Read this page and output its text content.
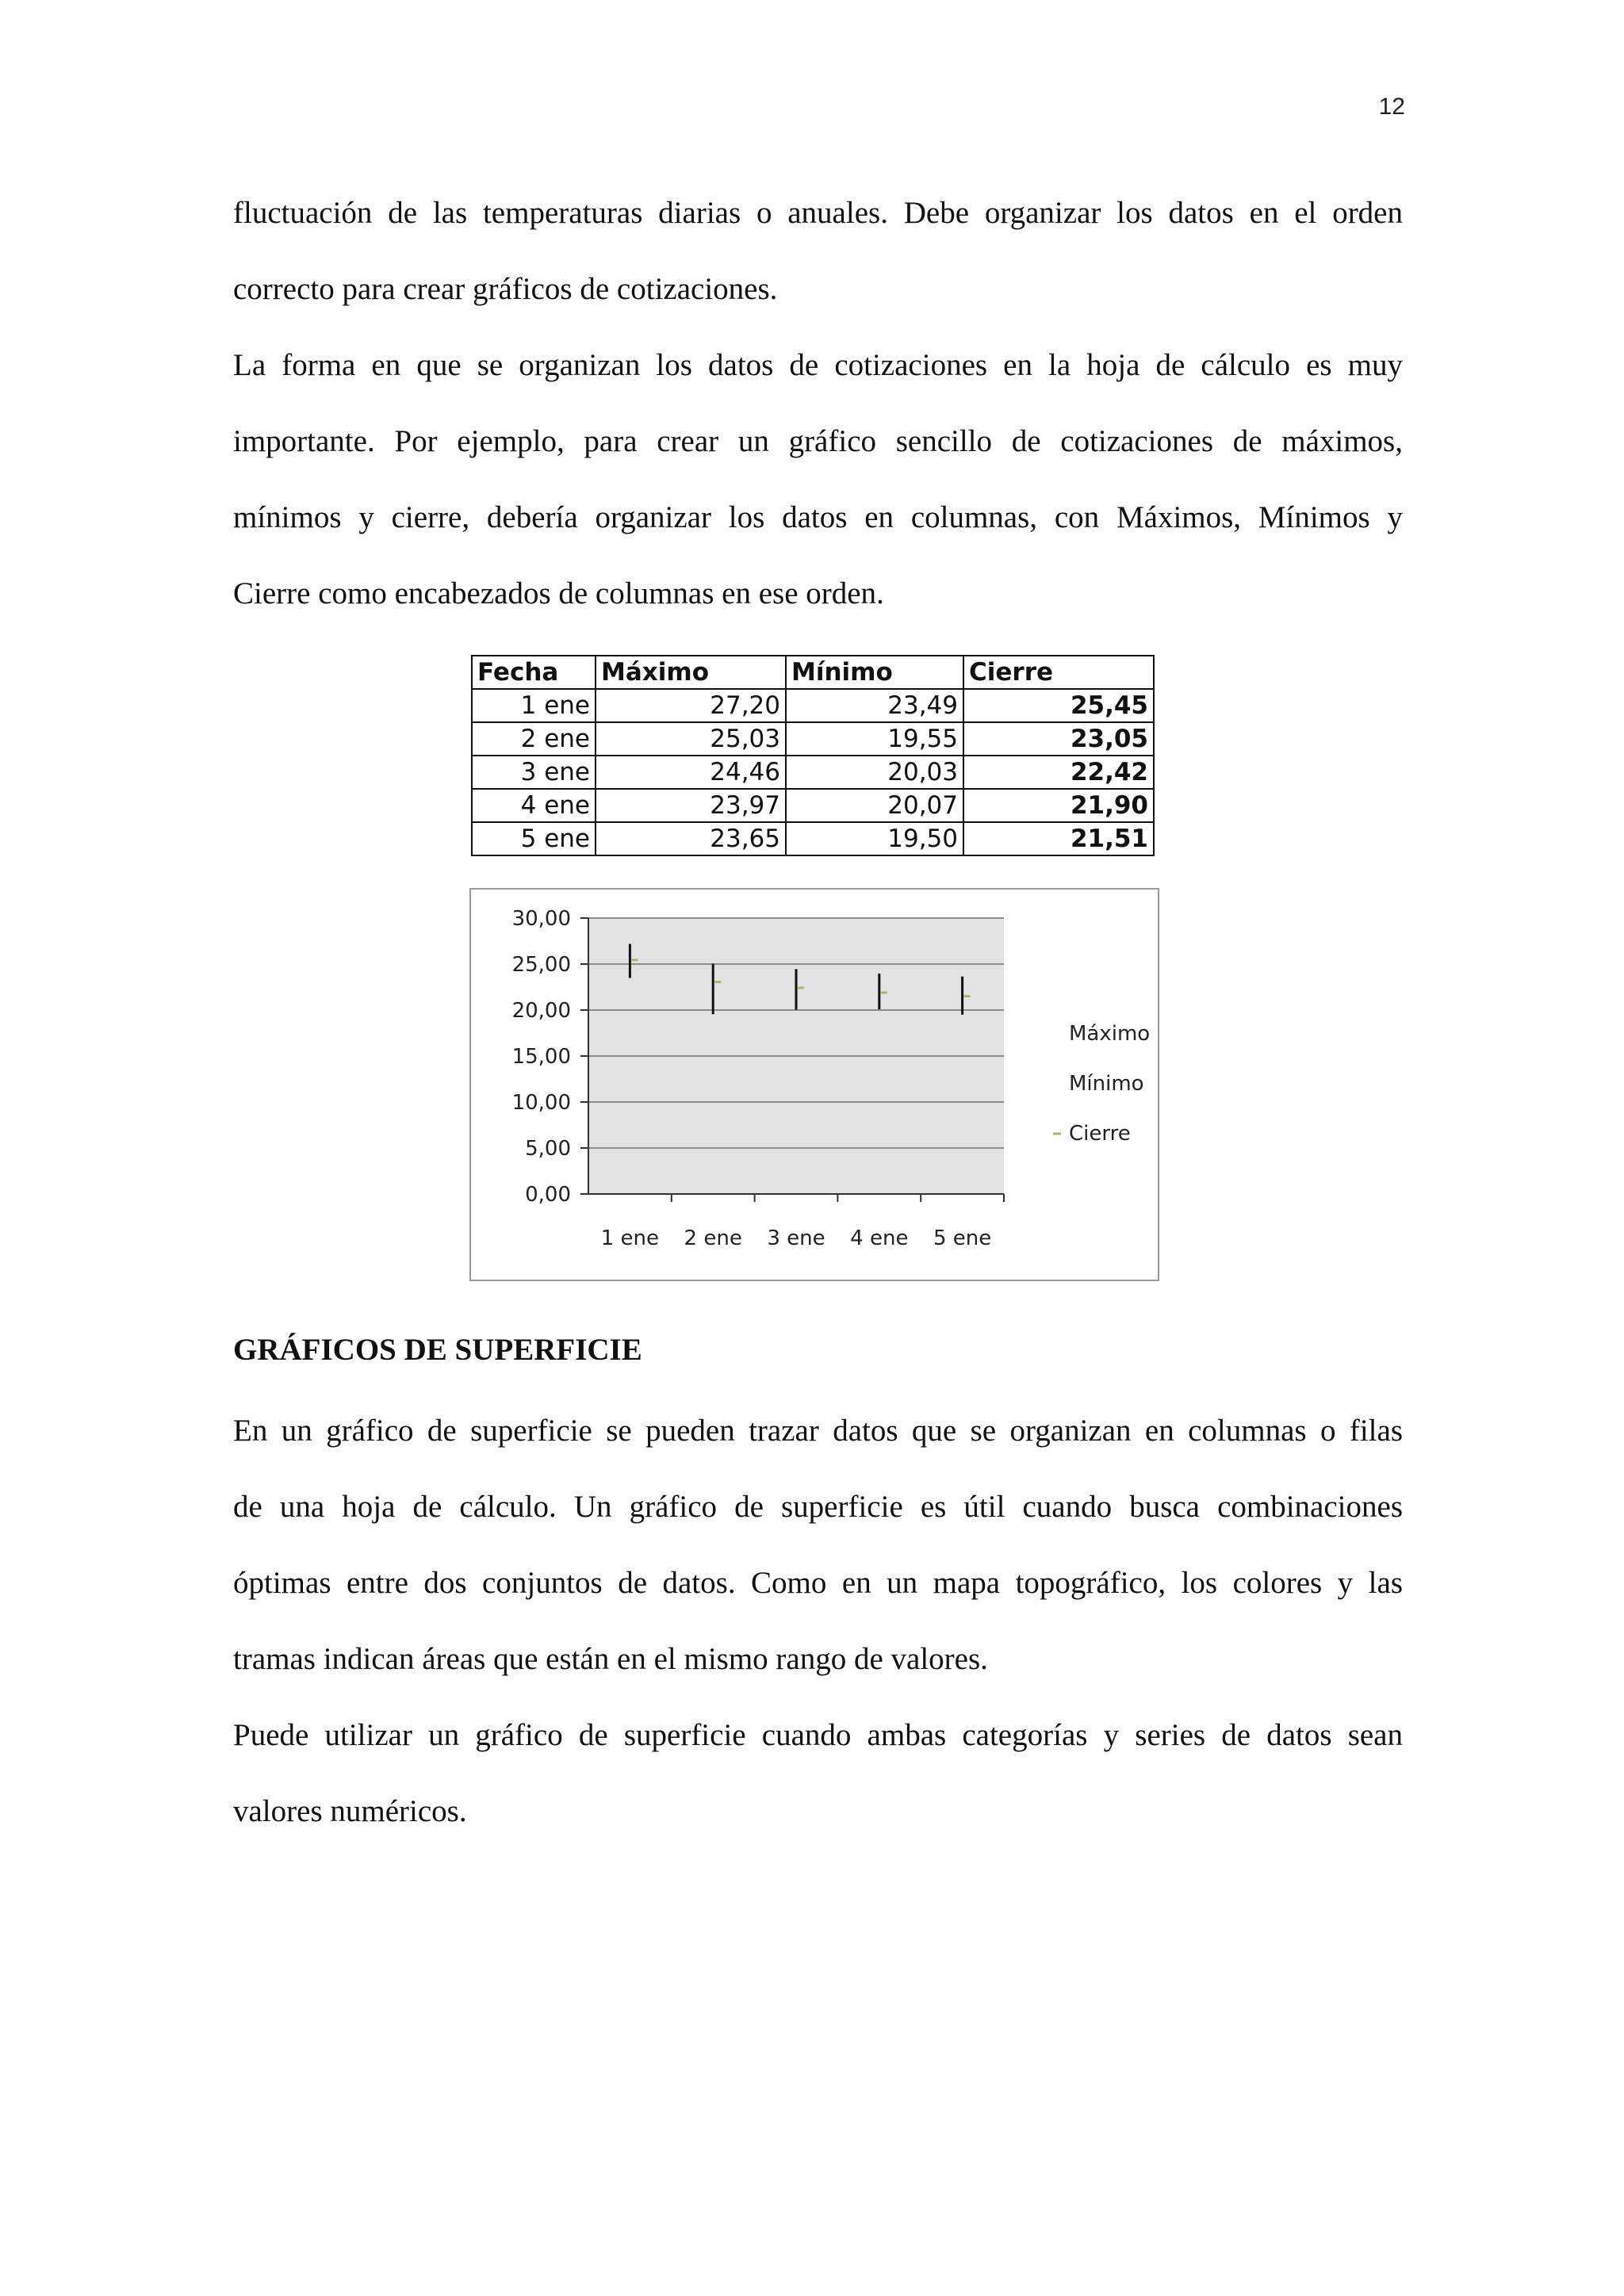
12

fluctuación de las temperaturas diarias o anuales. Debe organizar los datos en el orden
correcto para crear gráficos de cotizaciones.

La forma en que se organizan los datos de cotizaciones en la hoja de cálculo es muy
importante. Por ejemplo, para crear un gráfico sencillo de cotizaciones de máximos,
mínimos y cierre, debería organizar los datos en columnas, con Máximos, Mínimos y
Cierre como encabezados de columnas en ese orden.

Fecha	Máximo	Mínimo	Cierre
1 ene	27,20	23,49	25,45
2 ene	25,03	19,55	23,05
3 ene	24,46	20,03	22,42
4 ene	23,97	20,07	21,90
5 ene	23,65	19,50	21,51
30,00
25,00
20,00
15,00
10,00
5,00
0,00
1 ene 2 ene 3 ene 4 ene 5 ene
Máximo
Mínimo
Cierre
GRÁFICOS DE SUPERFICIE

En un gráfico de superficie se pueden trazar datos que se organizan en columnas o filas
de una hoja de cálculo. Un gráfico de superficie es útil cuando busca combinaciones
óptimas entre dos conjuntos de datos. Como en un mapa topográfico, los colores y las
tramas indican áreas que están en el mismo rango de valores.

Puede utilizar un gráfico de superficie cuando ambas categorías y series de datos sean
valores numéricos.
